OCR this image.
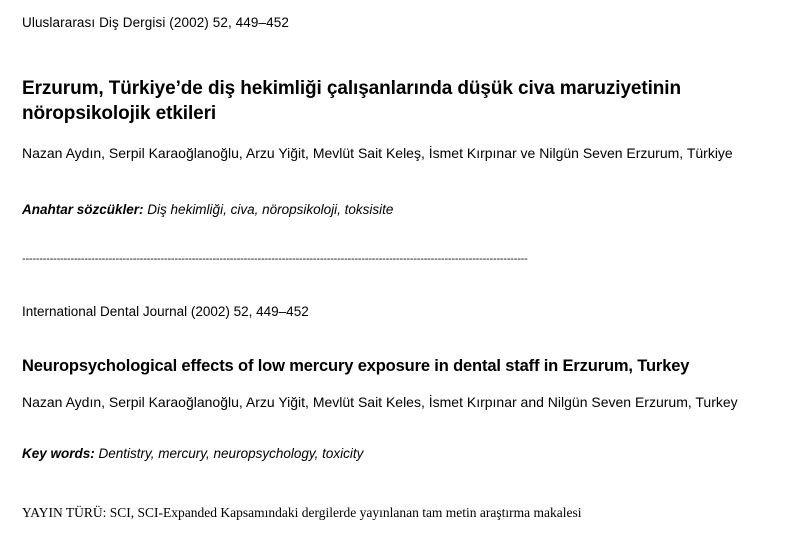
Uluslararası Diş Dergisi (2002) 52, 449–452

Erzurum, Türkiye’de diş hekimliği çalışanlarında düşük civa maruziyetinin nöropsikolojik etkileri

Nazan Aydın, Serpil Karaoğlanoğlu, Arzu Yiğit, Mevlüt Sait Keleş, İsmet Kırpınar ve Nilgün Seven Erzurum, Türkiye

Anahtar sözcükler: Diş hekimliği, civa, nöropsikoloji, toksisite

--------------------------------------------------------------------------------------------------------------------------------------------------

International Dental Journal (2002) 52, 449–452

Neuropsychological effects of low mercury exposure in dental staff in Erzurum, Turkey

Nazan Aydın, Serpil Karaoğlanoğlu, Arzu Yiğit, Mevlüt Sait Keles, İsmet Kırpınar and Nilgün Seven Erzurum, Turkey

Key words: Dentistry, mercury, neuropsychology, toxicity

YAYIN TÜRÜ: SCI, SCI-Expanded Kapsamındaki dergilerde yayınlanan tam metin araştırma makalesi
